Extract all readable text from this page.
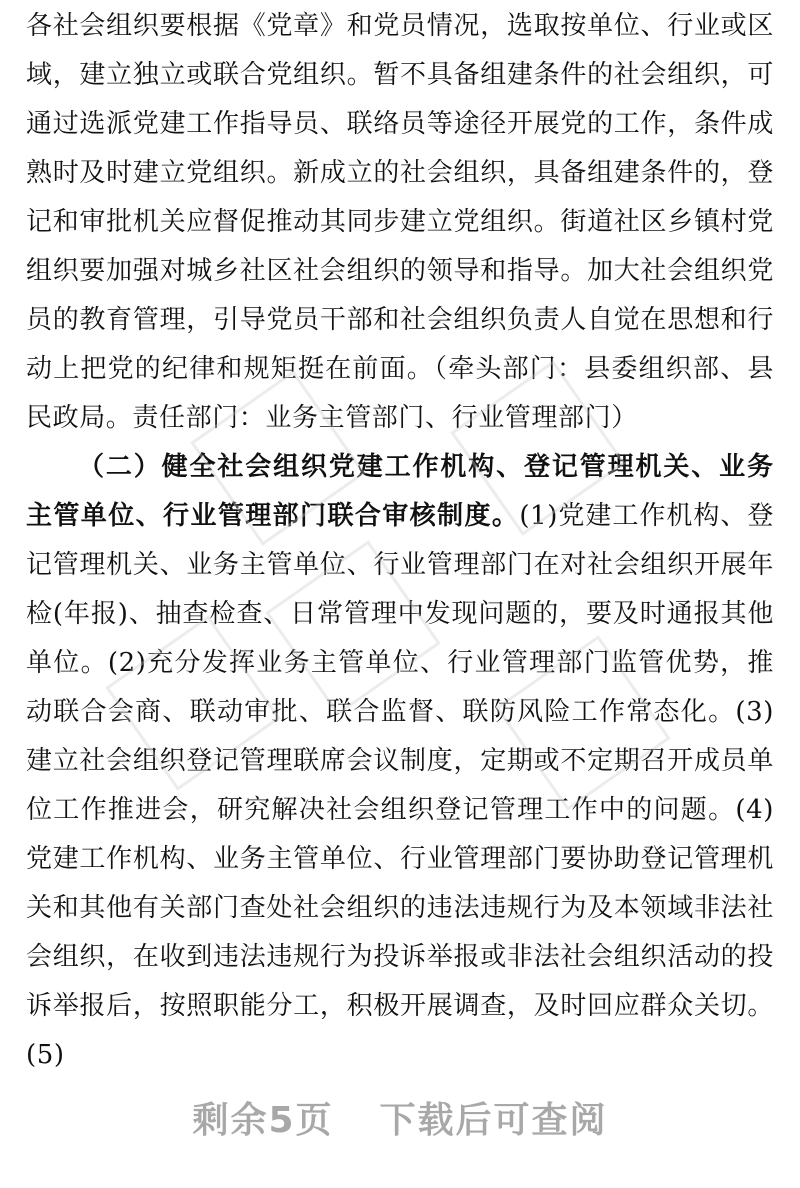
各社会组织要根据《党章》和党员情况，选取按单位、行业或区域，建立独立或联合党组织。暂不具备组建条件的社会组织，可通过选派党建工作指导员、联络员等途径开展党的工作，条件成熟时及时建立党组织。新成立的社会组织，具备组建条件的，登记和审批机关应督促推动其同步建立党组织。街道社区乡镇村党组织要加强对城乡社区社会组织的领导和指导。加大社会组织党员的教育管理，引导党员干部和社会组织负责人自觉在思想和行动上把党的纪律和规矩挺在前面。（牵头部门：县委组织部、县民政局。责任部门：业务主管部门、行业管理部门）

（二）健全社会组织党建工作机构、登记管理机关、业务主管单位、行业管理部门联合审核制度。(1)党建工作机构、登记管理机关、业务主管单位、行业管理部门在对社会组织开展年检(年报)、抽查检查、日常管理中发现问题的，要及时通报其他单位。(2)充分发挥业务主管单位、行业管理部门监管优势，推动联合会商、联动审批、联合监督、联防风险工作常态化。(3)建立社会组织登记管理联席会议制度，定期或不定期召开成员单位工作推进会，研究解决社会组织登记管理工作中的问题。(4)党建工作机构、业务主管单位、行业管理部门要协助登记管理机关和其他有关部门查处社会组织的违法违规行为及本领域非法社会组织，在收到违法违规行为投诉举报或非法社会组织活动的投诉举报后，按照职能分工，积极开展调查，及时回应群众关切。(5)

剩余5页 下载后可查阅
